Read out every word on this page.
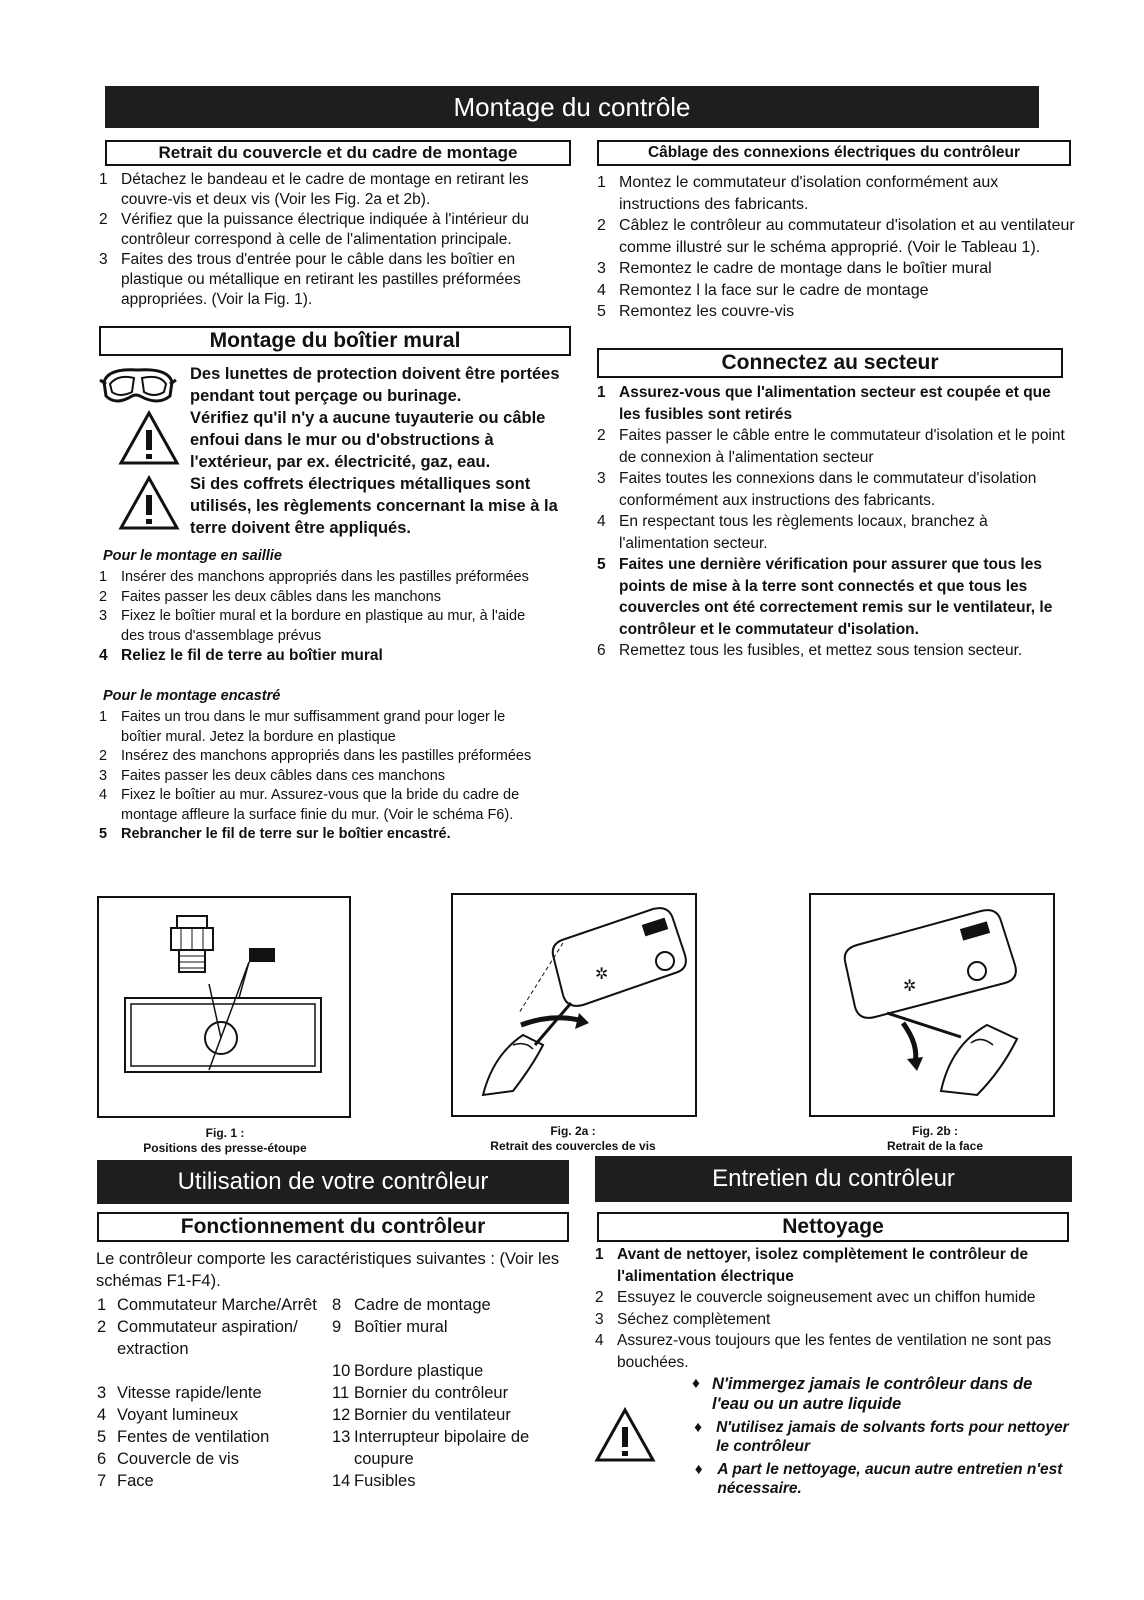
Montage du contrôle
Retrait du couvercle et du cadre de montage
1 Détachez le bandeau et le cadre de montage en retirant les couvre-vis et deux vis (Voir les Fig. 2a et 2b).
2 Vérifiez que la puissance électrique indiquée à l'intérieur du contrôleur correspond à celle de l'alimentation principale.
3 Faites des trous d'entrée pour le câble dans les boîtier en plastique ou métallique en retirant les pastilles préformées appropriées. (Voir la Fig. 1).
Montage du boîtier mural
Des lunettes de protection doivent être portées pendant tout perçage ou burinage.
Vérifiez qu'il n'y a aucune tuyauterie ou câble enfoui dans le mur ou d'obstructions à l'extérieur, par ex. électricité, gaz, eau.
Si des coffrets électriques métalliques sont utilisés, les règlements concernant la mise à la terre doivent être appliqués.
Pour le montage en saillie
1 Insérer des manchons appropriés dans les pastilles préformées
2 Faites passer les deux câbles dans les manchons
3 Fixez le boîtier mural et la bordure en plastique au mur, à l'aide des trous d'assemblage prévus
4 Reliez le fil de terre au boîtier mural
Pour le montage encastré
1 Faites un trou dans le mur suffisamment grand pour loger le boîtier mural. Jetez la bordure en plastique
2 Insérez des manchons appropriés dans les pastilles préformées
3 Faites passer les deux câbles dans ces manchons
4 Fixez le boîtier au mur. Assurez-vous que la bride du cadre de montage affleure la surface finie du mur. (Voir le schéma F6).
5 Rebrancher le fil de terre sur le boîtier encastré.
Câblage des connexions électriques du contrôleur
1 Montez le commutateur d'isolation conformément aux instructions des fabricants.
2 Câblez le contrôleur au commutateur d'isolation et au ventilateur comme illustré sur le schéma approprié. (Voir le Tableau 1).
3 Remontez le cadre de montage dans le boîtier mural
4 Remontez l la face sur le cadre de montage
5 Remontez les couvre-vis
Connectez au secteur
1 Assurez-vous que l'alimentation secteur est coupée et que les fusibles sont retirés
2 Faites passer le câble entre le commutateur d'isolation et le point de connexion à l'alimentation secteur
3 Faites toutes les connexions dans le commutateur d'isolation conformément aux instructions des fabricants.
4 En respectant tous les règlements locaux, branchez à l'alimentation secteur.
5 Faites une dernière vérification pour assurer que tous les points de mise à la terre sont connectés et que tous les couvercles ont été correctement remis sur le ventilateur, le contrôleur et le commutateur d'isolation.
6 Remettez tous les fusibles, et mettez sous tension secteur.
✲
✲
Fig. 1 :
Positions des presse-étoupe
Fig. 2a :
Retrait des couvercles de vis
Fig. 2b :
Retrait de la face
Utilisation de votre contrôleur	Entretien du contrôleur
Fonctionnement du contrôleur
Le contrôleur comporte les caractéristiques suivantes : (Voir les schémas F1-F4).
1 Commutateur Marche/Arrêt 8 Cadre de montage
2 Commutateur aspiration/ extraction
9 Boîtier mural
10 Bordure plastique
3 Vitesse rapide/lente	11 Bornier du contrôleur
4 Voyant lumineux	12 Bornier du ventilateur
5 Fentes de ventilation	13 Interrupteur bipolaire de coupure
6 Couvercle de vis
7 Face	14 Fusibles
Nettoyage
1 Avant de nettoyer, isolez complètement le contrôleur de l'alimentation électrique
2 Essuyez le couvercle soigneusement avec un chiffon humide
3 Séchez complètement
4 Assurez-vous toujours que les fentes de ventilation ne sont pas bouchées.
♦ N'immergez jamais le contrôleur dans de l'eau ou un autre liquide
♦ N'utilisez jamais de solvants forts pour nettoyer le contrôleur
♦ A part le nettoyage, aucun autre entretien n'est nécessaire.
